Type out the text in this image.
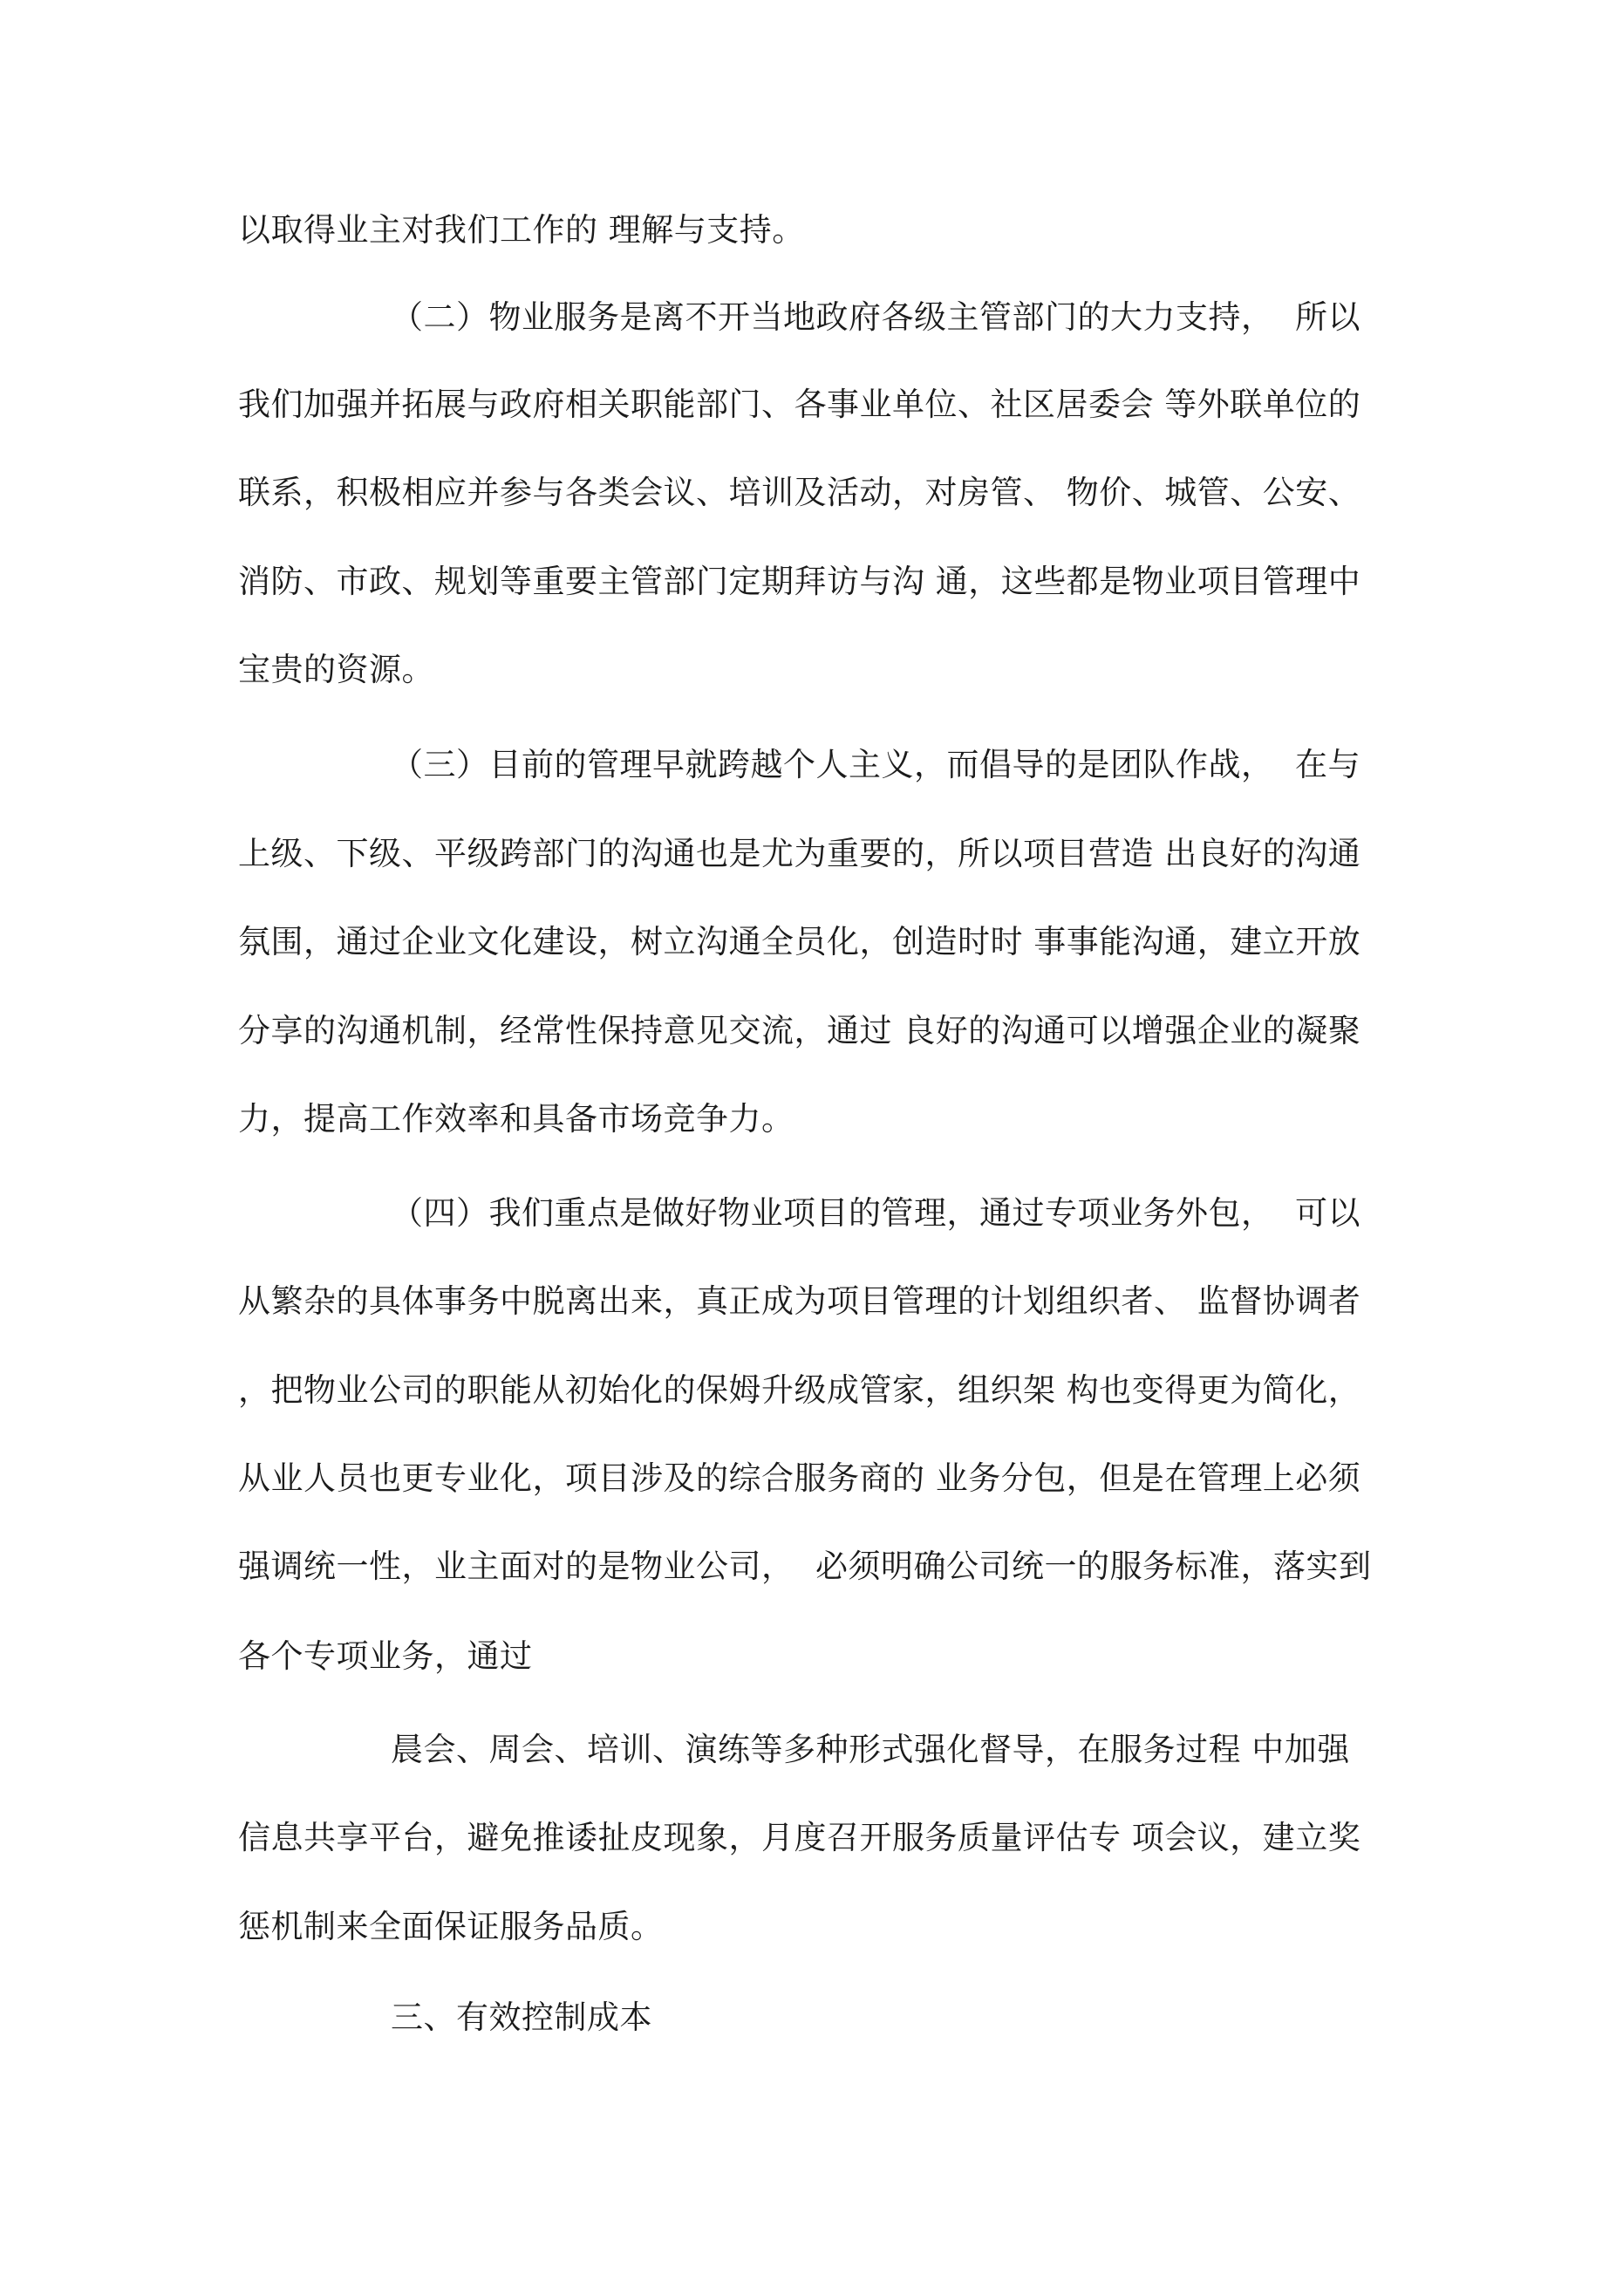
以取得业主对我们工作的 理解与支持。

（二）物业服务是离不开当地政府各级主管部门的大力支持，  所以

我们加强并拓展与政府相关职能部门、各事业单位、社区居委会 等外联单位的

联系，积极相应并参与各类会议、培训及活动，对房管、 物价、城管、公安、

消防、市政、规划等重要主管部门定期拜访与沟 通，这些都是物业项目管理中

宝贵的资源。

（三）目前的管理早就跨越个人主义，而倡导的是团队作战，  在与

上级、下级、平级跨部门的沟通也是尤为重要的，所以项目营造 出良好的沟通

氛围，通过企业文化建设，树立沟通全员化，创造时时 事事能沟通，建立开放

分享的沟通机制，经常性保持意见交流，通过 良好的沟通可以增强企业的凝聚

力，提高工作效率和具备市场竞争力。

（四）我们重点是做好物业项目的管理，通过专项业务外包，  可以

从繁杂的具体事务中脱离出来，真正成为项目管理的计划组织者、 监督协调者

，把物业公司的职能从初始化的保姆升级成管家，组织架 构也变得更为简化，

从业人员也更专业化，项目涉及的综合服务商的 业务分包，但是在管理上必须

强调统一性，业主面对的是物业公司，  必须明确公司统一的服务标准，落实到

各个专项业务，通过

晨会、周会、培训、演练等多种形式强化督导，在服务过程 中加强

信息共享平台，避免推诿扯皮现象，月度召开服务质量评估专 项会议，建立奖

惩机制来全面保证服务品质。

三、有效控制成本
